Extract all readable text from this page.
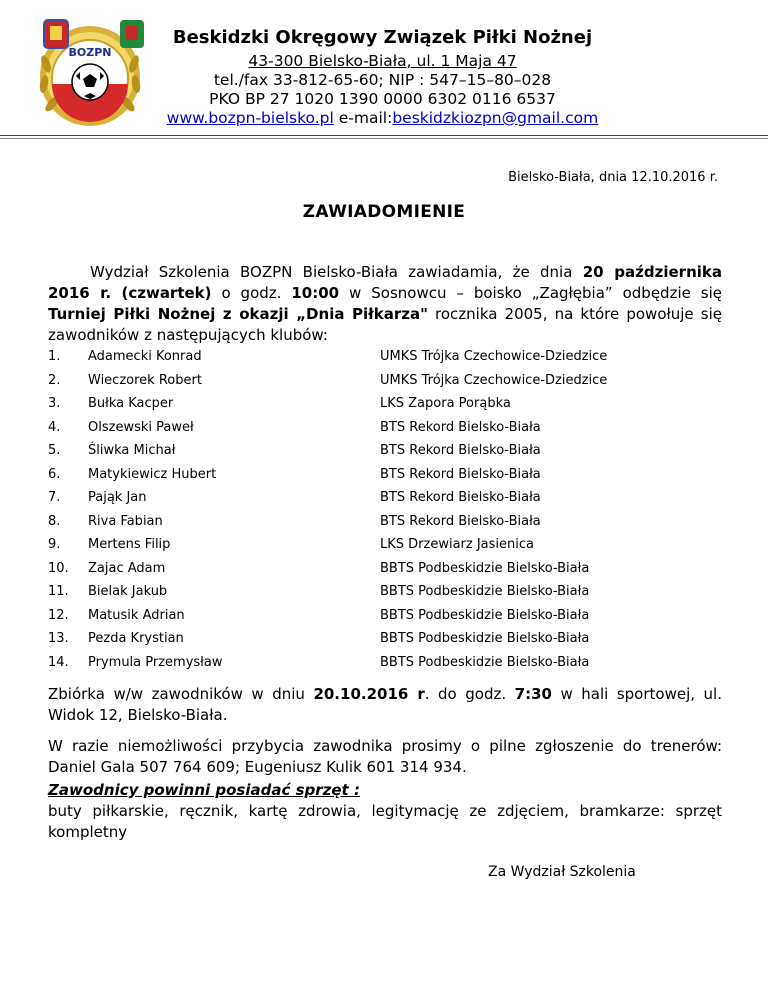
BOZPN
Beskidzki Okręgowy Związek Piłki Nożnej
43-300 Bielsko-Biała, ul. 1 Maja 47
tel./fax 33-812-65-60; NIP : 547–15–80–028
PKO BP 27 1020 1390 0000 6302 0116 6537
www.bozpn-bielsko.pl e-mail:beskidzkiozpn@gmail.com
Bielsko-Biała, dnia 12.10.2016 r.
ZAWIADOMIENIE
Wydział Szkolenia BOZPN Bielsko-Biała zawiadamia, że dnia 20 października 2016 r. (czwartek) o godz. 10:00 w Sosnowcu – boisko „Zagłębia” odbędzie się Turniej Piłki Nożnej z okazji „Dnia Piłkarza" rocznika 2005, na które powołuje się zawodników z następujących klubów:
1.	Adamecki Konrad	UMKS Trójka Czechowice-Dziedzice
2.	Wieczorek Robert	UMKS Trójka Czechowice-Dziedzice
3.	Bułka Kacper	LKS Zapora Porąbka
4.	Olszewski Paweł	BTS Rekord Bielsko-Biała
5.	Śliwka Michał	BTS Rekord Bielsko-Biała
6.	Matykiewicz Hubert	BTS Rekord Bielsko-Biała
7.	Pająk Jan	BTS Rekord Bielsko-Biała
8.	Riva Fabian	BTS Rekord Bielsko-Biała
9.	Mertens Filip	LKS Drzewiarz Jasienica
10.	Zajac Adam	BBTS Podbeskidzie Bielsko-Biała
11.	Bielak Jakub	BBTS Podbeskidzie Bielsko-Biała
12.	Matusik Adrian	BBTS Podbeskidzie Bielsko-Biała
13.	Pezda Krystian	BBTS Podbeskidzie Bielsko-Biała
14.	Prymula Przemysław	BBTS Podbeskidzie Bielsko-Biała
Zbiórka w/w zawodników w dniu 20.10.2016 r. do godz. 7:30 w hali sportowej, ul. Widok 12, Bielsko-Biała.
W razie niemożliwości przybycia zawodnika prosimy o pilne zgłoszenie do trenerów: Daniel Gala 507 764 609; Eugeniusz Kulik 601 314 934.
Zawodnicy powinni posiadać sprzęt :
buty piłkarskie, ręcznik, kartę zdrowia, legitymację ze zdjęciem, bramkarze: sprzęt kompletny
Za Wydział Szkolenia
